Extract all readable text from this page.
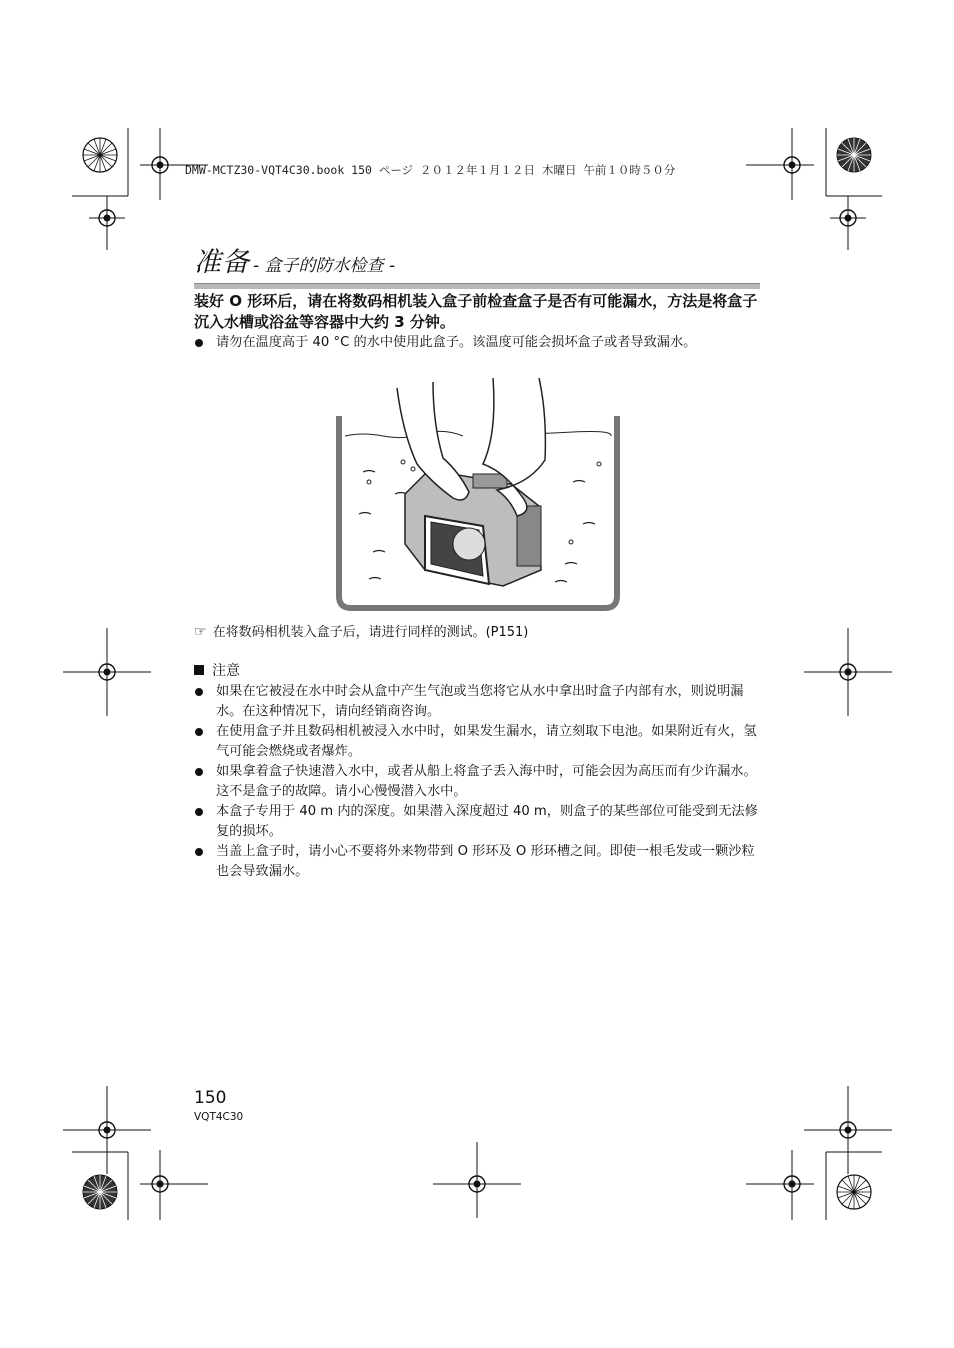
DMW-MCTZ30-VQT4C30.book 150 ページ ２０１２年１月１２日 木曜日 午前１０時５０分
准备 - 盒子的防水检查 -
装好 O 形环后，请在将数码相机装入盒子前检查盒子是否有可能漏水，方法是将盒子沉入水槽或浴盆等容器中大约 3 分钟。
请勿在温度高于 40 °C 的水中使用此盒子。该温度可能会损坏盒子或者导致漏水。
☞ 在将数码相机装入盒子后，请进行同样的测试。(P151)
注意
如果在它被浸在水中时会从盒中产生气泡或当您将它从水中拿出时盒子内部有水，则说明漏水。在这种情况下，请向经销商咨询。
在使用盒子并且数码相机被浸入水中时，如果发生漏水，请立刻取下电池。如果附近有火，氢气可能会燃烧或者爆炸。
如果拿着盒子快速潜入水中，或者从船上将盒子丢入海中时，可能会因为高压而有少许漏水。这不是盒子的故障。请小心慢慢潜入水中。
本盒子专用于 40 m 内的深度。如果潜入深度超过 40 m，则盒子的某些部位可能受到无法修复的损坏。
当盖上盒子时，请小心不要将外来物带到 O 形环及 O 形环槽之间。即使一根毛发或一颗沙粒也会导致漏水。
150
VQT4C30
